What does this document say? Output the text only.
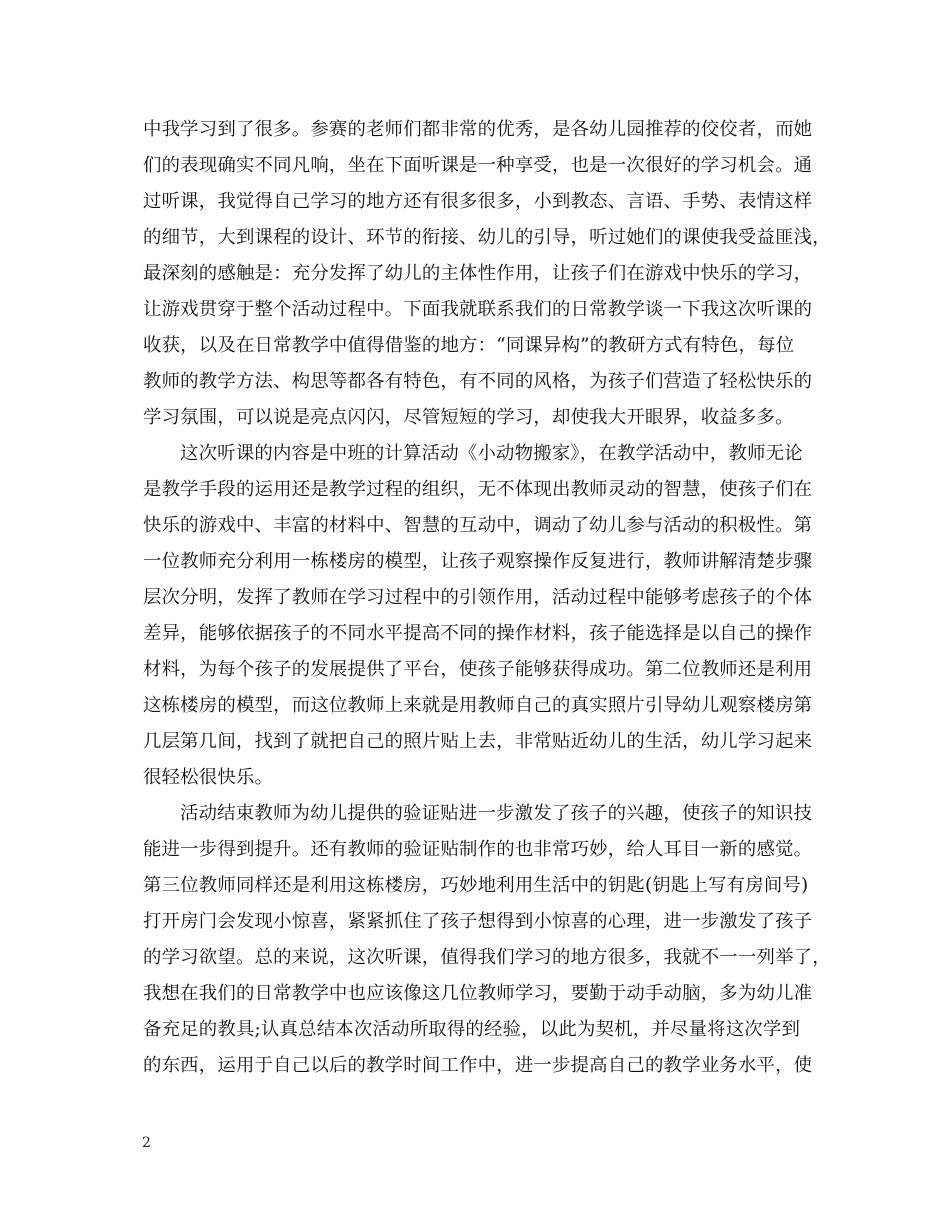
中我学习到了很多。参赛的老师们都非常的优秀，是各幼儿园推荐的佼佼者，而她
们的表现确实不同凡响，坐在下面听课是一种享受，也是一次很好的学习机会。通
过听课，我觉得自己学习的地方还有很多很多，小到教态、言语、手势、表情这样
的细节，大到课程的设计、环节的衔接、幼儿的引导，听过她们的课使我受益匪浅，
最深刻的感触是：充分发挥了幼儿的主体性作用，让孩子们在游戏中快乐的学习，
让游戏贯穿于整个活动过程中。下面我就联系我们的日常教学谈一下我这次听课的
收获，以及在日常教学中值得借鉴的地方：“同课异构”的教研方式有特色，每位
教师的教学方法、构思等都各有特色，有不同的风格，为孩子们营造了轻松快乐的
学习氛围，可以说是亮点闪闪，尽管短短的学习，却使我大开眼界，收益多多。
这次听课的内容是中班的计算活动《小动物搬家》，在教学活动中，教师无论
是教学手段的运用还是教学过程的组织，无不体现出教师灵动的智慧，使孩子们在
快乐的游戏中、丰富的材料中、智慧的互动中，调动了幼儿参与活动的积极性。第
一位教师充分利用一栋楼房的模型，让孩子观察操作反复进行，教师讲解清楚步骤
层次分明，发挥了教师在学习过程中的引领作用，活动过程中能够考虑孩子的个体
差异，能够依据孩子的不同水平提高不同的操作材料，孩子能选择是以自己的操作
材料，为每个孩子的发展提供了平台，使孩子能够获得成功。第二位教师还是利用
这栋楼房的模型，而这位教师上来就是用教师自己的真实照片引导幼儿观察楼房第
几层第几间，找到了就把自己的照片贴上去，非常贴近幼儿的生活，幼儿学习起来
很轻松很快乐。
活动结束教师为幼儿提供的验证贴进一步激发了孩子的兴趣，使孩子的知识技
能进一步得到提升。还有教师的验证贴制作的也非常巧妙，给人耳目一新的感觉。
第三位教师同样还是利用这栋楼房，巧妙地利用生活中的钥匙(钥匙上写有房间号)
打开房门会发现小惊喜，紧紧抓住了孩子想得到小惊喜的心理，进一步激发了孩子
的学习欲望。总的来说，这次听课，值得我们学习的地方很多，我就不一一列举了，
我想在我们的日常教学中也应该像这几位教师学习，要勤于动手动脑，多为幼儿准
备充足的教具;认真总结本次活动所取得的经验，以此为契机，并尽量将这次学到
的东西，运用于自己以后的教学时间工作中，进一步提高自己的教学业务水平，使
2
